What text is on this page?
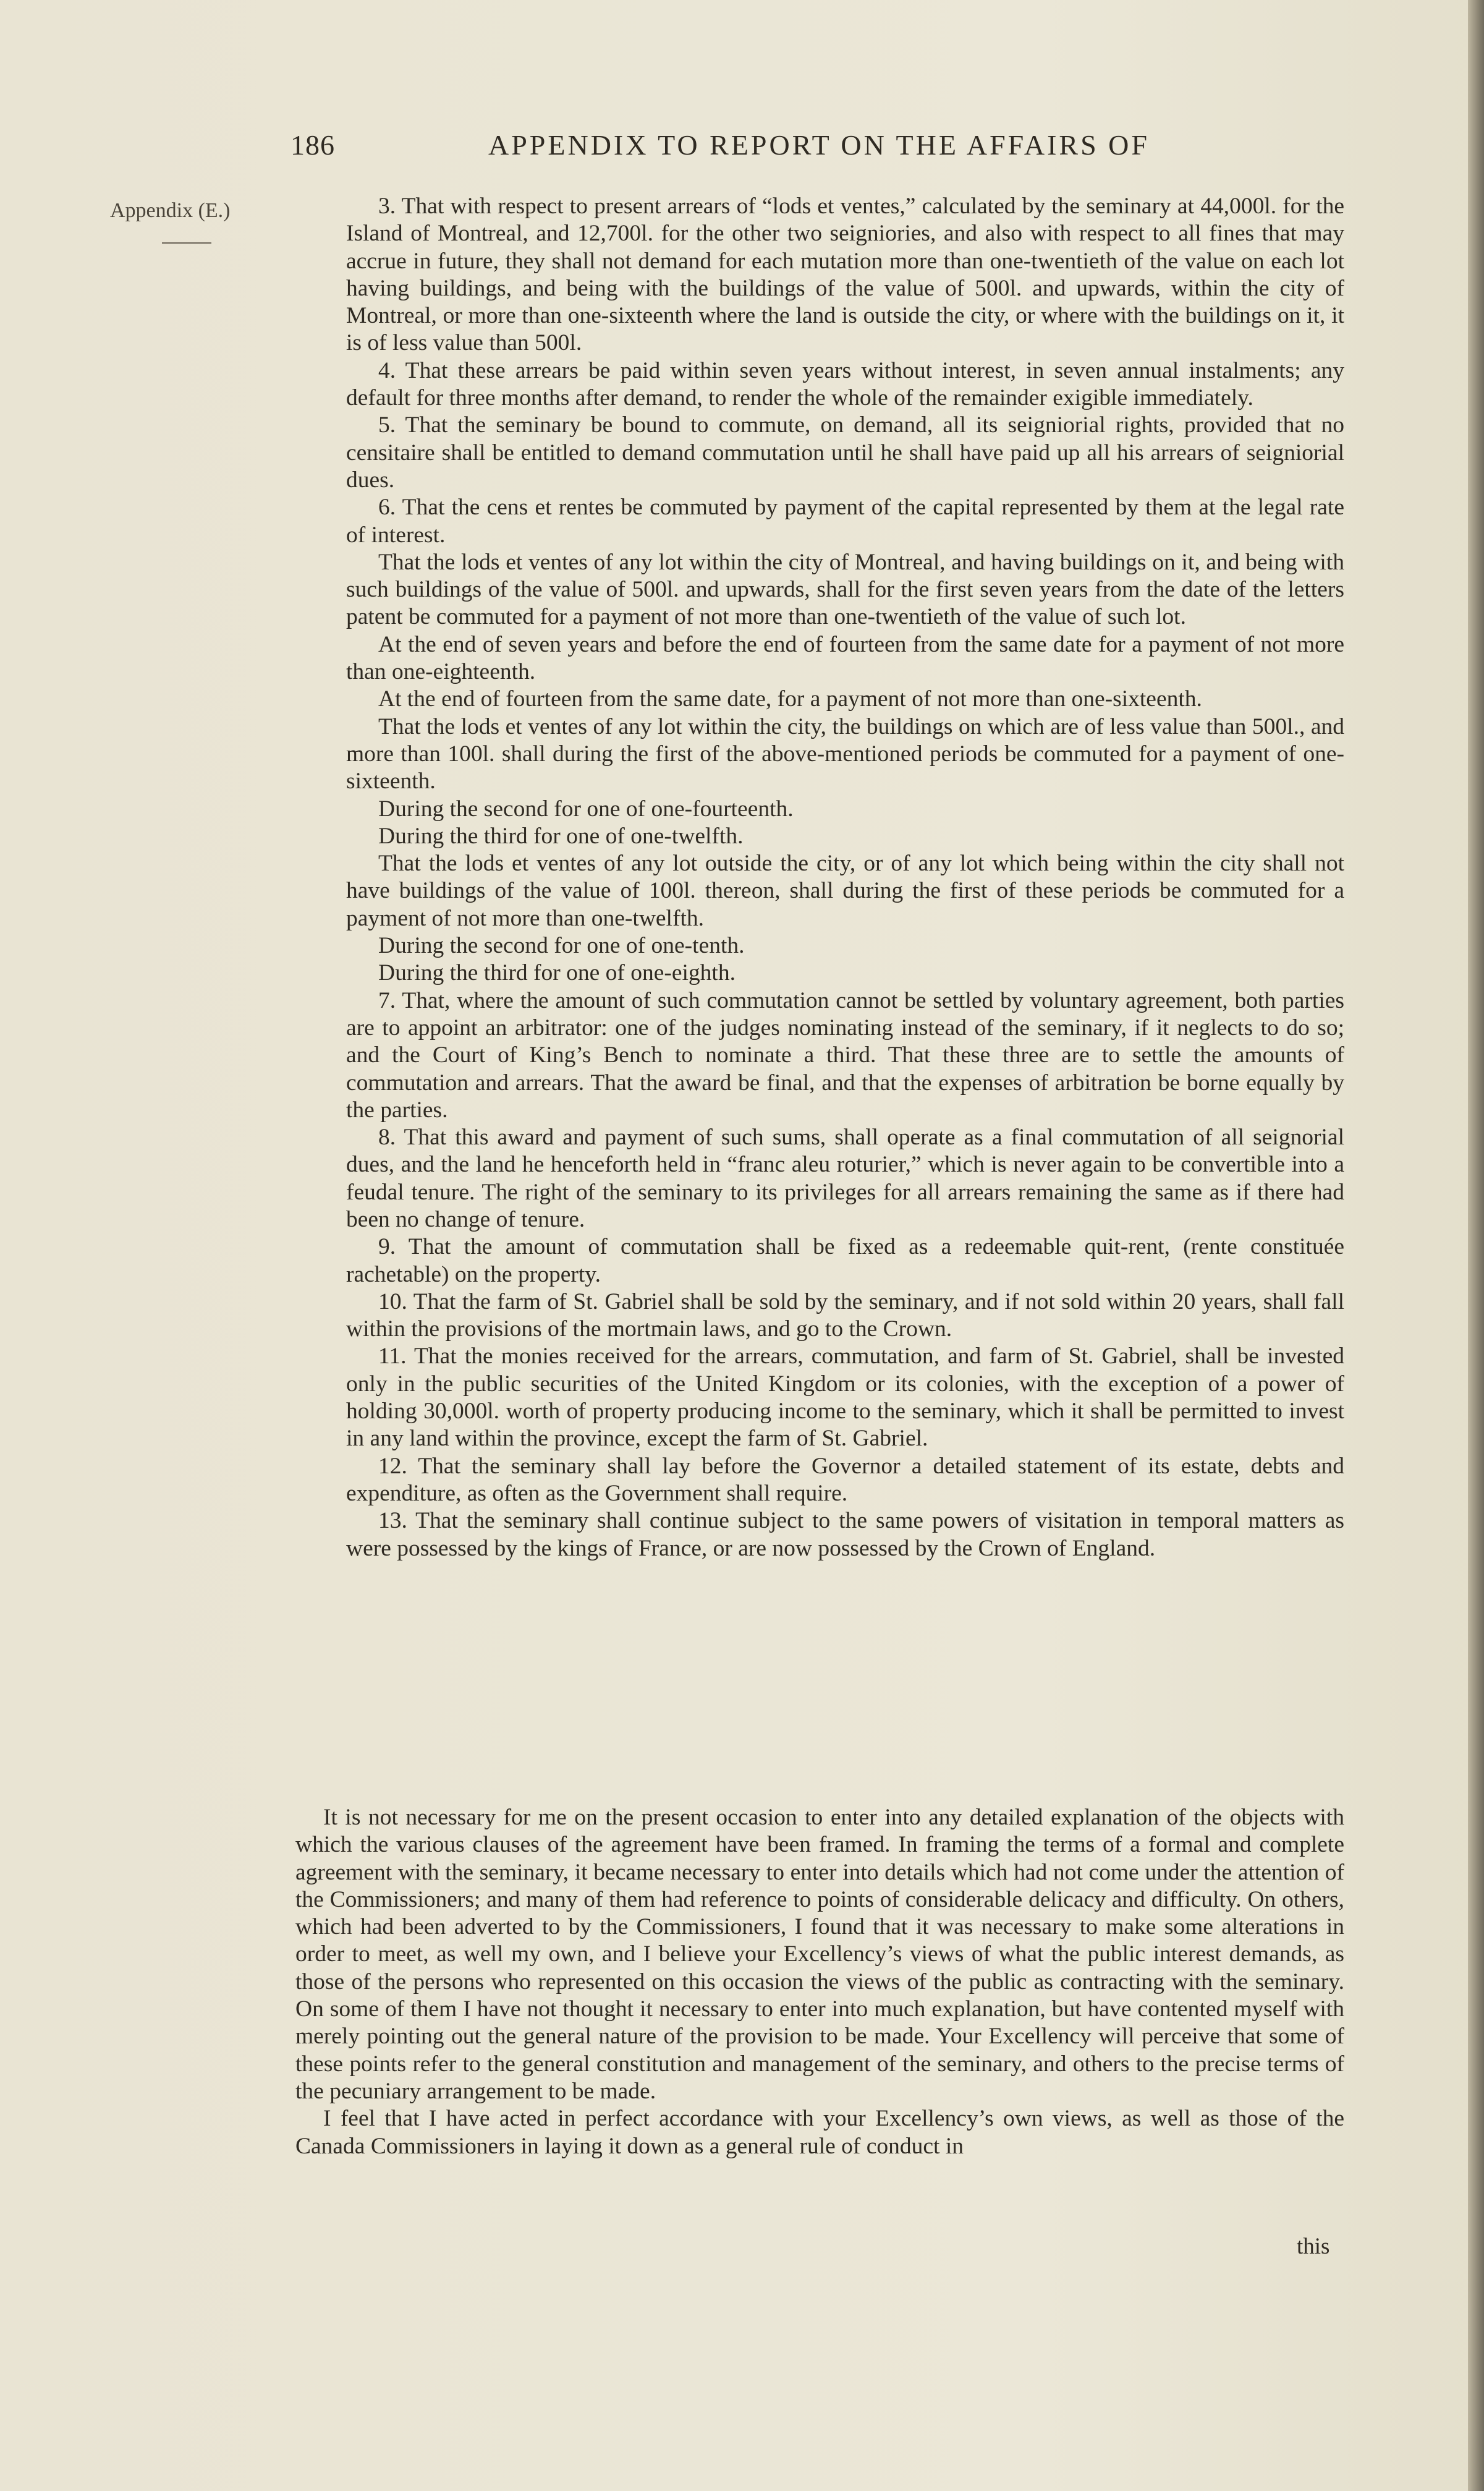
186	APPENDIX TO REPORT ON THE AFFAIRS OF
Appendix (E.)	3. That with respect to present arrears of “lods et ventes,” calculated by the seminary at 44,000l. for the Island of Montreal, and 12,700l. for the other two seigniories, and also with respect to all fines that may accrue in future, they shall not demand for each mutation more than one-twentieth of the value on each lot having buildings, and being with the buildings of the value of 500l. and upwards, within the city of Montreal, or more than one-sixteenth where the land is outside the city, or where with the buildings on it, it is of less value than 500l.

4. That these arrears be paid within seven years without interest, in seven annual instalments; any default for three months after demand, to render the whole of the remainder exigible immediately.

5. That the seminary be bound to commute, on demand, all its seigniorial rights, provided that no censitaire shall be entitled to demand commutation until he shall have paid up all his arrears of seigniorial dues.

6. That the cens et rentes be commuted by payment of the capital represented by them at the legal rate of interest.

That the lods et ventes of any lot within the city of Montreal, and having buildings on it, and being with such buildings of the value of 500l. and upwards, shall for the first seven years from the date of the letters patent be commuted for a payment of not more than one-twentieth of the value of such lot.

At the end of seven years and before the end of fourteen from the same date for a payment of not more than one-eighteenth.

At the end of fourteen from the same date, for a payment of not more than one-sixteenth.

That the lods et ventes of any lot within the city, the buildings on which are of less value than 500l., and more than 100l. shall during the first of the above-mentioned periods be commuted for a payment of one-sixteenth.

During the second for one of one-fourteenth.

During the third for one of one-twelfth.

That the lods et ventes of any lot outside the city, or of any lot which being within the city shall not have buildings of the value of 100l. thereon, shall during the first of these periods be commuted for a payment of not more than one-twelfth.

During the second for one of one-tenth.

During the third for one of one-eighth.

7. That, where the amount of such commutation cannot be settled by voluntary agreement, both parties are to appoint an arbitrator: one of the judges nominating instead of the seminary, if it neglects to do so; and the Court of King’s Bench to nominate a third. That these three are to settle the amounts of commutation and arrears. That the award be final, and that the expenses of arbitration be borne equally by the parties.

8. That this award and payment of such sums, shall operate as a final commutation of all seignorial dues, and the land he henceforth held in “franc aleu roturier,” which is never again to be convertible into a feudal tenure. The right of the seminary to its privileges for all arrears remaining the same as if there had been no change of tenure.

9. That the amount of commutation shall be fixed as a redeemable quit-rent, (rente constituée rachetable) on the property.

10. That the farm of St. Gabriel shall be sold by the seminary, and if not sold within 20 years, shall fall within the provisions of the mortmain laws, and go to the Crown.

11. That the monies received for the arrears, commutation, and farm of St. Gabriel, shall be invested only in the public securities of the United Kingdom or its colonies, with the exception of a power of holding 30,000l. worth of property producing income to the seminary, which it shall be permitted to invest in any land within the province, except the farm of St. Gabriel.

12. That the seminary shall lay before the Governor a detailed statement of its estate, debts and expenditure, as often as the Government shall require.

13. That the seminary shall continue subject to the same powers of visitation in temporal matters as were possessed by the kings of France, or are now possessed by the Crown of England.

It is not necessary for me on the present occasion to enter into any detailed explanation of the objects with which the various clauses of the agreement have been framed. In framing the terms of a formal and complete agreement with the seminary, it became necessary to enter into details which had not come under the attention of the Commissioners; and many of them had reference to points of considerable delicacy and difficulty. On others, which had been adverted to by the Commissioners, I found that it was necessary to make some alterations in order to meet, as well my own, and I believe your Excellency’s views of what the public interest demands, as those of the persons who represented on this occasion the views of the public as contracting with the seminary. On some of them I have not thought it necessary to enter into much explanation, but have contented myself with merely pointing out the general nature of the provision to be made. Your Excellency will perceive that some of these points refer to the general constitution and management of the seminary, and others to the precise terms of the pecuniary arrangement to be made.

I feel that I have acted in perfect accordance with your Excellency’s own views, as well as those of the Canada Commissioners in laying it down as a general rule of conduct in

this
